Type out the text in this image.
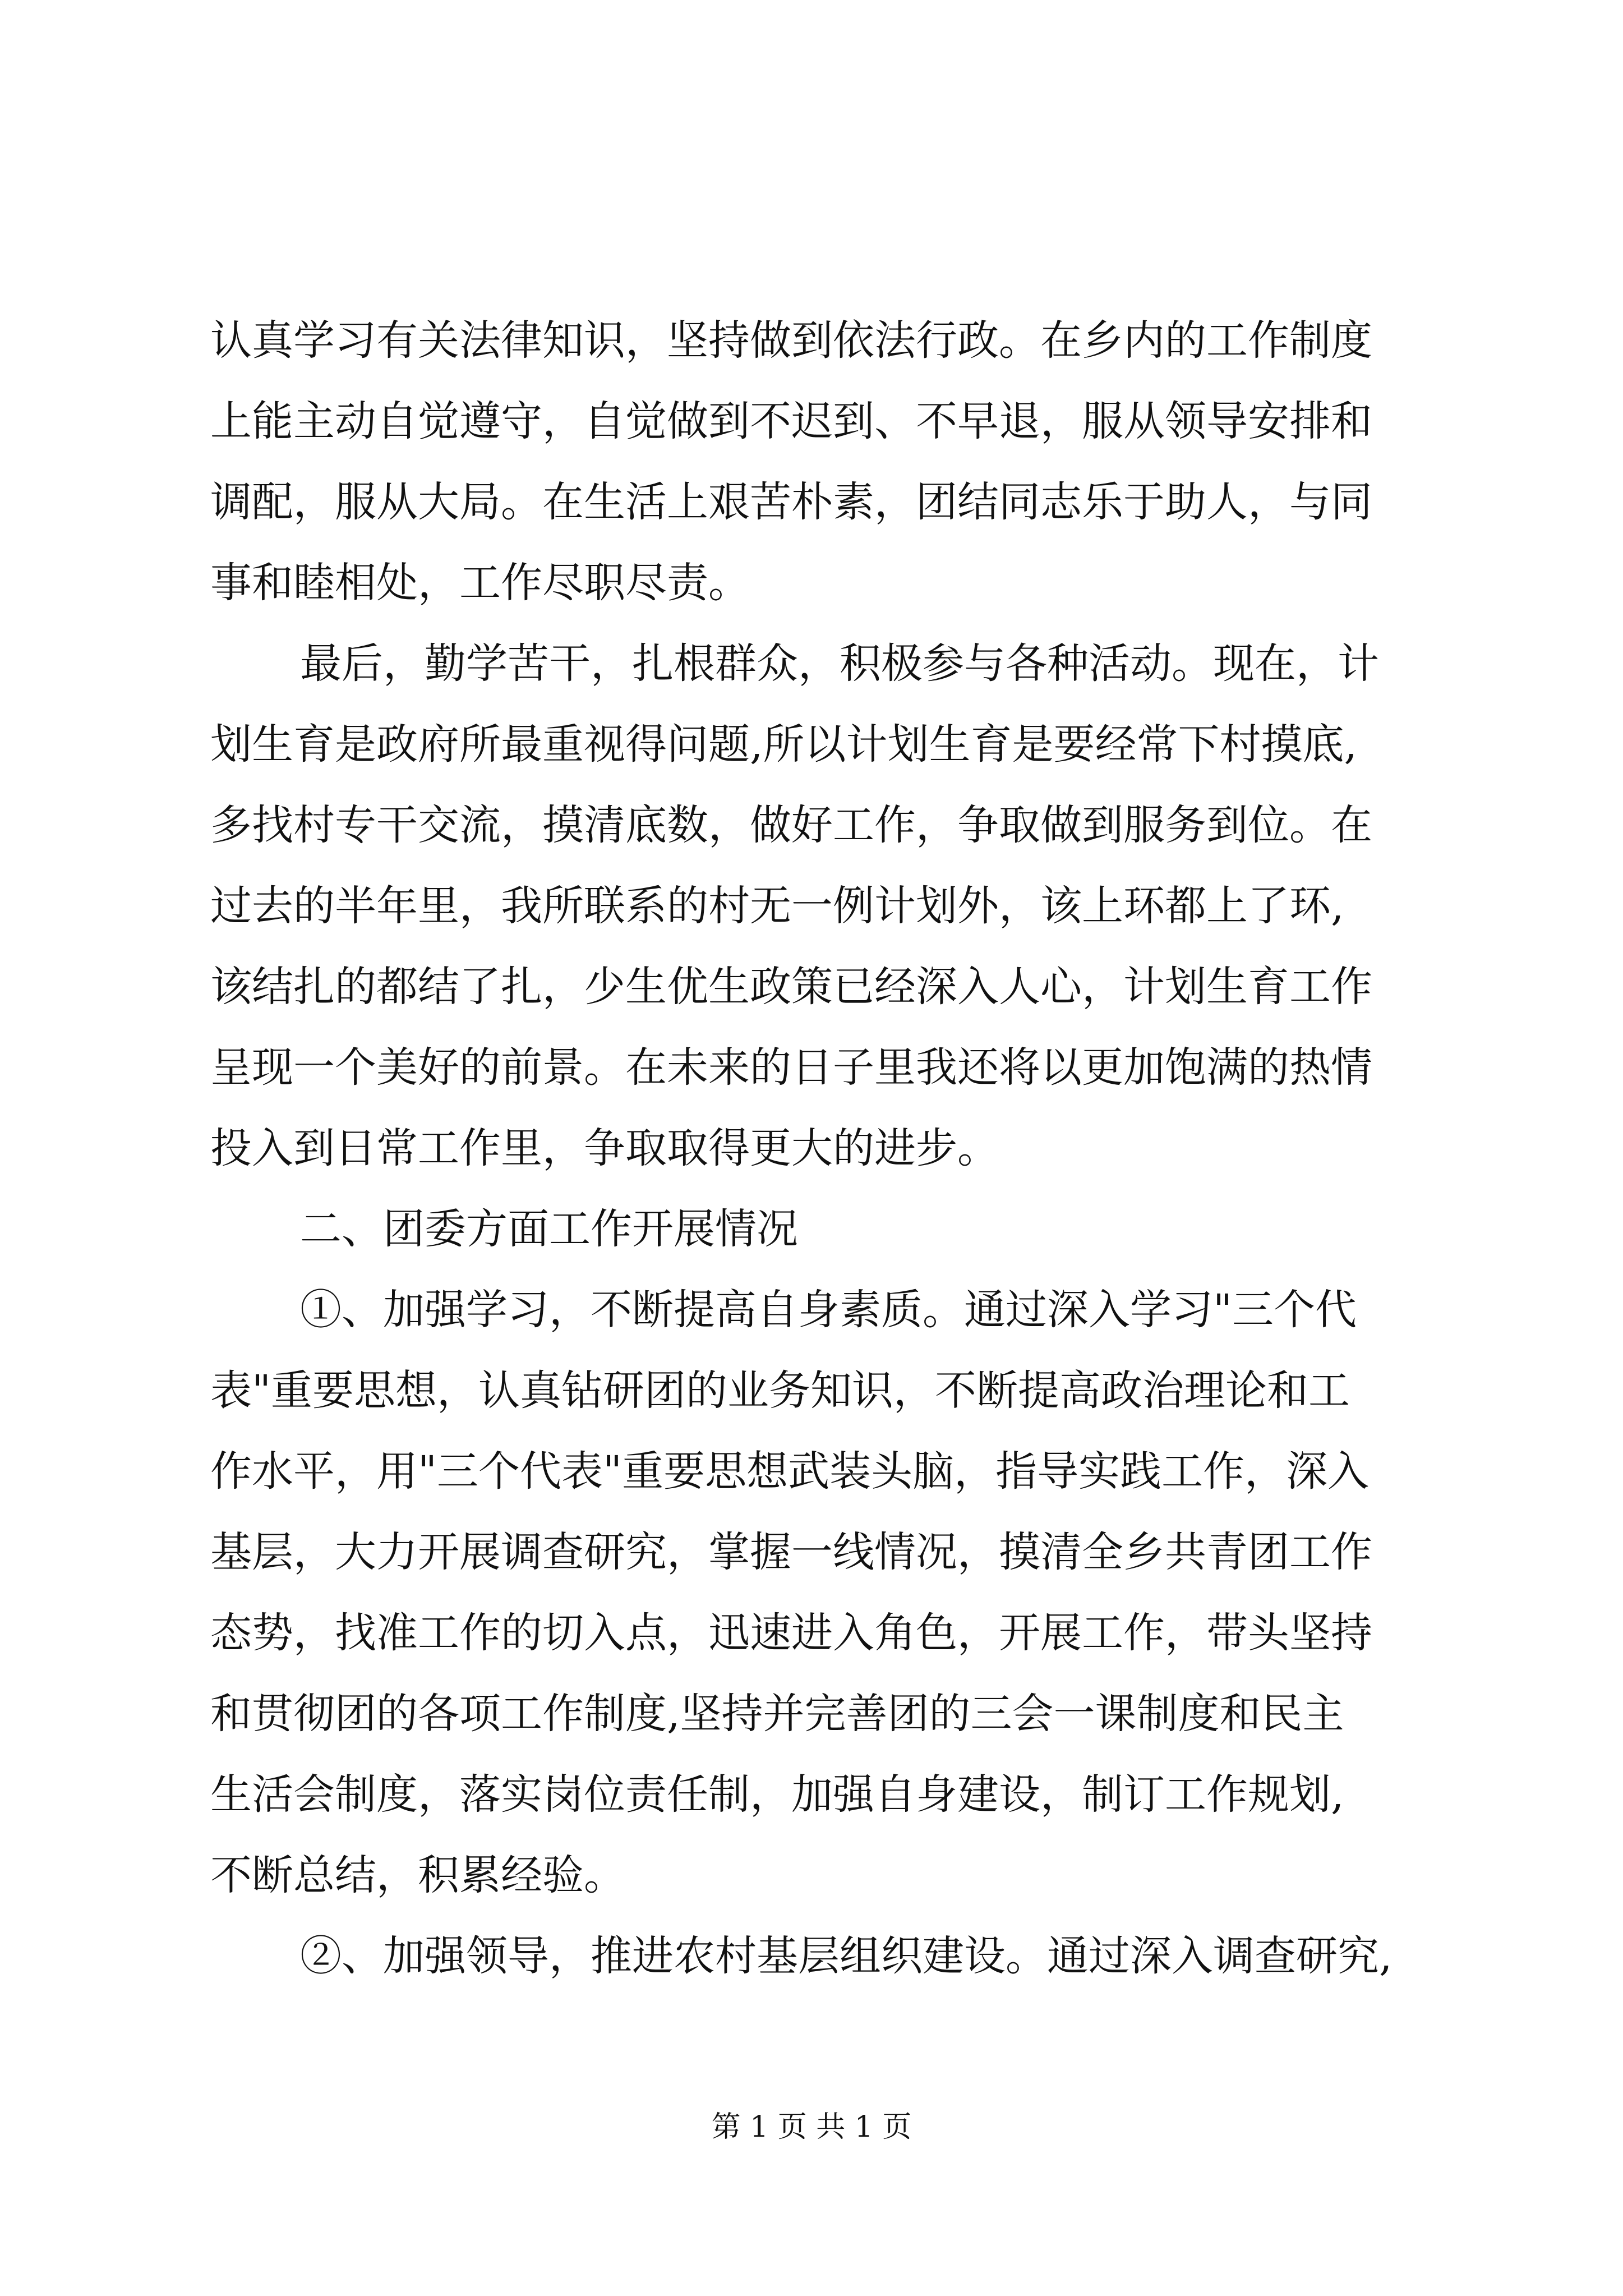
认真学习有关法律知识，坚持做到依法行政。在乡内的工作制度
上能主动自觉遵守，自觉做到不迟到、不早退，服从领导安排和
调配，服从大局。在生活上艰苦朴素，团结同志乐于助人，与同
事和睦相处，工作尽职尽责。
最后，勤学苦干，扎根群众，积极参与各种活动。现在，计
划生育是政府所最重视得问题,所以计划生育是要经常下村摸底,
多找村专干交流，摸清底数，做好工作，争取做到服务到位。在
过去的半年里，我所联系的村无一例计划外，该上环都上了环,
该结扎的都结了扎，少生优生政策已经深入人心，计划生育工作
呈现一个美好的前景。在未来的日子里我还将以更加饱满的热情
投入到日常工作里，争取取得更大的进步。
二、团委方面工作开展情况
①、加强学习，不断提高自身素质。通过深入学习"三个代
表"重要思想，认真钻研团的业务知识，不断提高政治理论和工
作水平，用"三个代表"重要思想武装头脑，指导实践工作，深入
基层，大力开展调查研究，掌握一线情况，摸清全乡共青团工作
态势，找准工作的切入点，迅速进入角色，开展工作，带头坚持
和贯彻团的各项工作制度,坚持并完善团的三会一课制度和民主
生活会制度，落实岗位责任制，加强自身建设，制订工作规划,
不断总结，积累经验。
②、加强领导，推进农村基层组织建设。通过深入调查研究,
第 1 页 共 1 页
